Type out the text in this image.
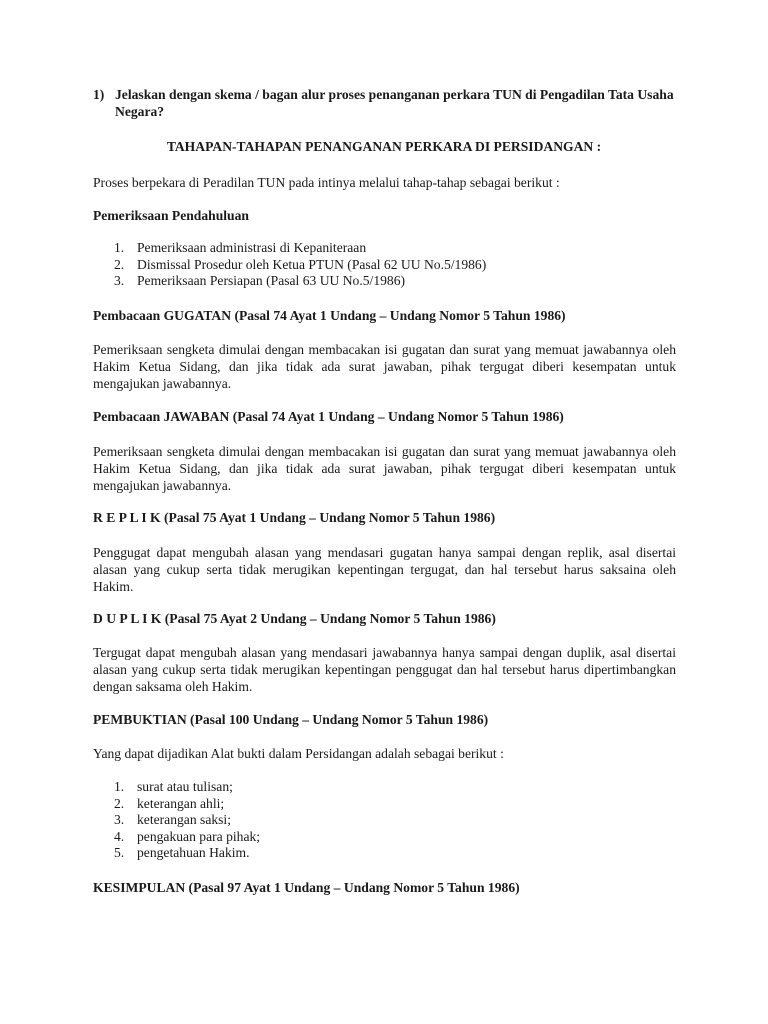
1) Jelaskan dengan skema / bagan alur proses penanganan perkara TUN di Pengadilan Tata Usaha Negara?
TAHAPAN-TAHAPAN PENANGANAN PERKARA DI PERSIDANGAN :
Proses berpekara di Peradilan TUN pada intinya melalui tahap-tahap sebagai berikut :
Pemeriksaan Pendahuluan
1. Pemeriksaan administrasi di Kepaniteraan
2. Dismissal Prosedur oleh Ketua PTUN (Pasal 62 UU No.5/1986)
3. Pemeriksaan Persiapan (Pasal 63 UU No.5/1986)
Pembacaan GUGATAN (Pasal 74 Ayat 1 Undang – Undang Nomor 5 Tahun 1986)
Pemeriksaan sengketa dimulai dengan membacakan isi gugatan dan surat yang memuat jawabannya oleh Hakim Ketua Sidang, dan jika tidak ada surat jawaban, pihak tergugat diberi kesempatan untuk mengajukan jawabannya.
Pembacaan JAWABAN (Pasal 74 Ayat 1 Undang – Undang Nomor 5 Tahun 1986)
Pemeriksaan sengketa dimulai dengan membacakan isi gugatan dan surat yang memuat jawabannya oleh Hakim Ketua Sidang, dan jika tidak ada surat jawaban, pihak tergugat diberi kesempatan untuk mengajukan jawabannya.
R E P L I K (Pasal 75 Ayat 1 Undang – Undang Nomor 5 Tahun 1986)
Penggugat dapat mengubah alasan yang mendasari gugatan hanya sampai dengan replik, asal disertai alasan yang cukup serta tidak merugikan kepentingan tergugat, dan hal tersebut harus saksaina oleh Hakim.
D U P L I K (Pasal 75 Ayat 2 Undang – Undang Nomor 5 Tahun 1986)
Tergugat dapat mengubah alasan yang mendasari jawabannya hanya sampai dengan duplik, asal disertai alasan yang cukup serta tidak merugikan kepentingan penggugat dan hal tersebut harus dipertimbangkan dengan saksama oleh Hakim.
PEMBUKTIAN (Pasal 100 Undang – Undang Nomor 5 Tahun 1986)
Yang dapat dijadikan Alat bukti dalam Persidangan adalah sebagai berikut :
1. surat atau tulisan;
2. keterangan ahli;
3. keterangan saksi;
4. pengakuan para pihak;
5. pengetahuan Hakim.
KESIMPULAN (Pasal 97 Ayat 1 Undang – Undang Nomor 5 Tahun 1986)
